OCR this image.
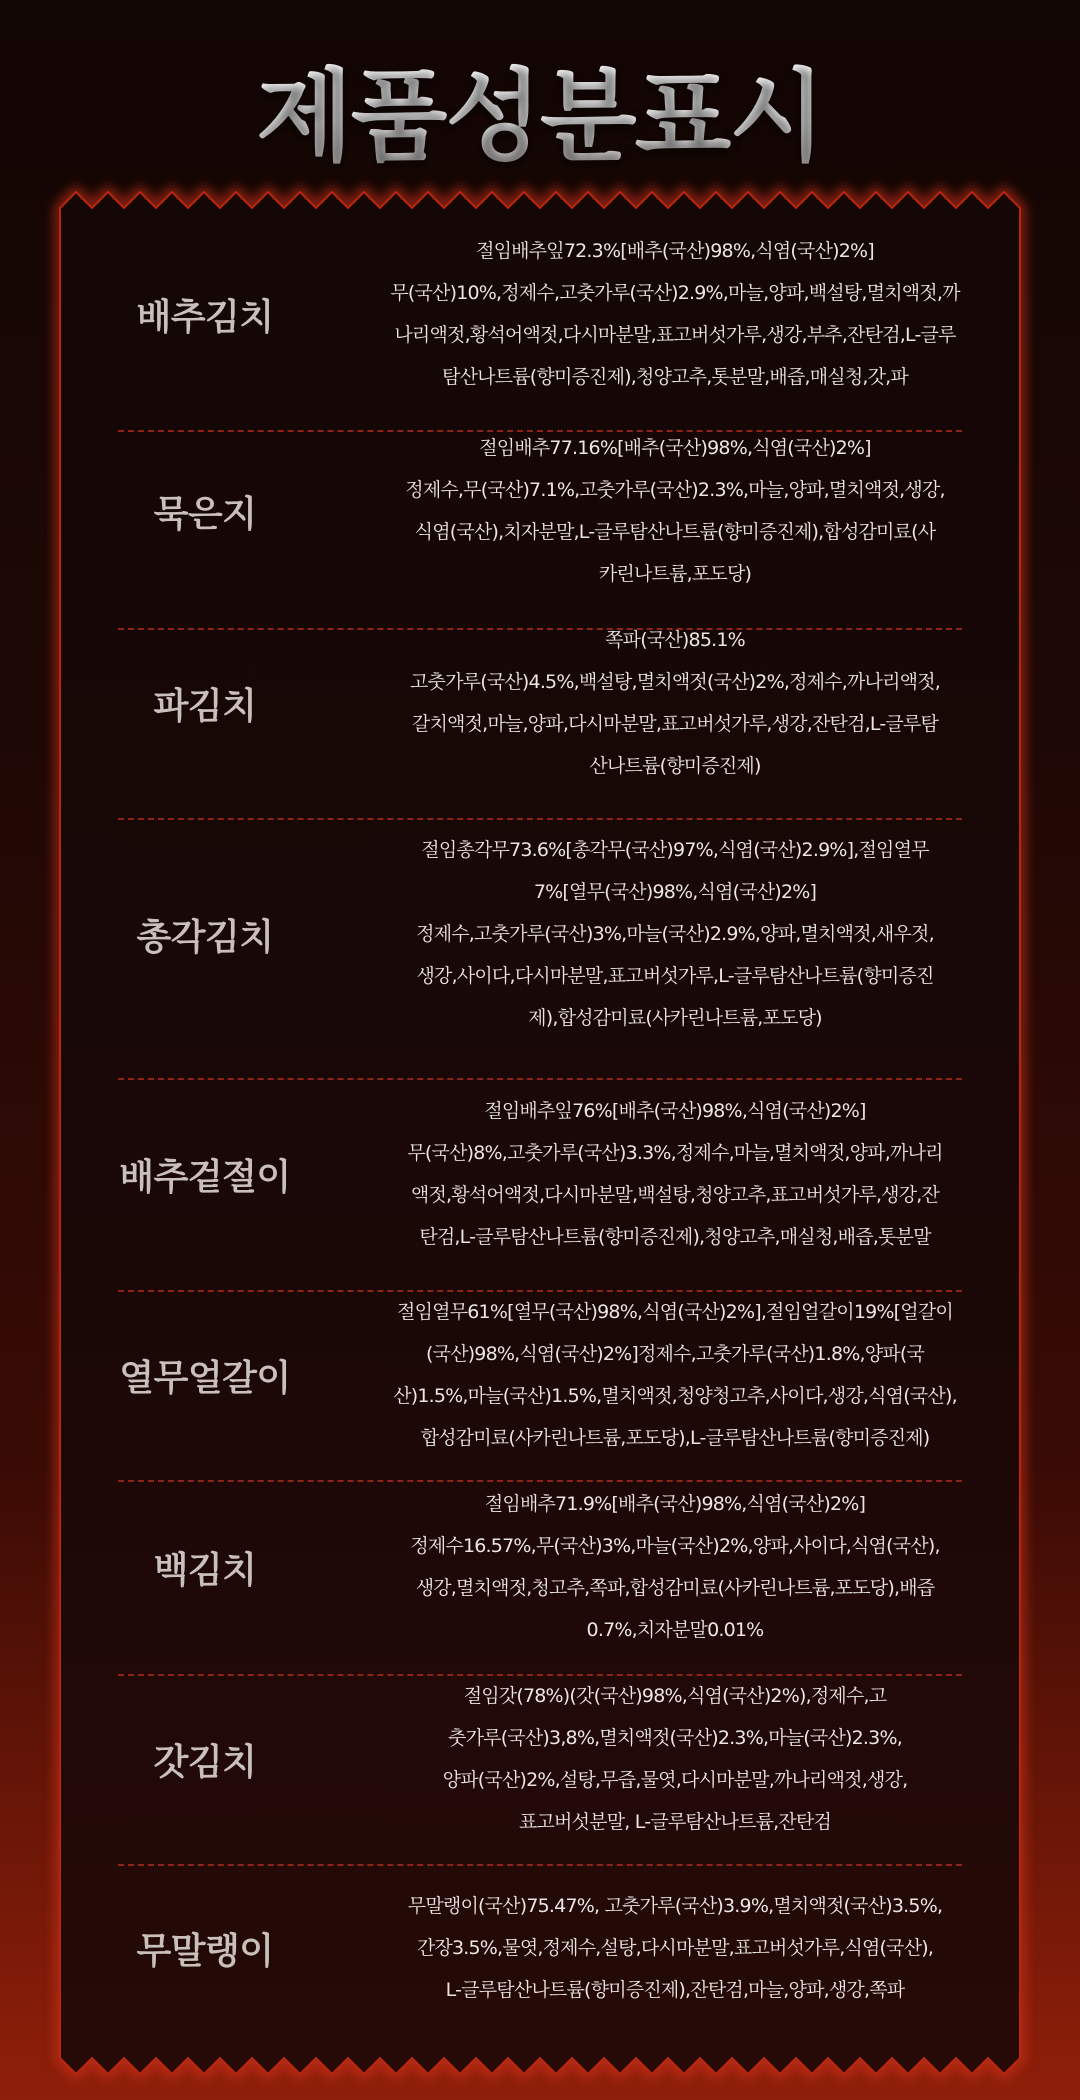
제품성분표시
배추김치
절임배추잎72.3%[배추(국산)98%,식염(국산)2%]
무(국산)10%,정제수,고춧가루(국산)2.9%,마늘,양파,백설탕,멸치액젓,까
나리액젓,황석어액젓,다시마분말,표고버섯가루,생강,부추,잔탄검,L-글루
탐산나트륨(향미증진제),청양고추,톳분말,배즙,매실청,갓,파
묵은지
절임배추77.16%[배추(국산)98%,식염(국산)2%]
정제수,무(국산)7.1%,고춧가루(국산)2.3%,마늘,양파,멸치액젓,생강,
식염(국산),치자분말,L-글루탐산나트륨(향미증진제),합성감미료(사
카린나트륨,포도당)
파김치
쪽파(국산)85.1%
고춧가루(국산)4.5%,백설탕,멸치액젓(국산)2%,정제수,까나리액젓,
갈치액젓,마늘,양파,다시마분말,표고버섯가루,생강,잔탄검,L-글루탐
산나트륨(향미증진제)
총각김치
절임총각무73.6%[총각무(국산)97%,식염(국산)2.9%],절임열무
7%[열무(국산)98%,식염(국산)2%]
정제수,고춧가루(국산)3%,마늘(국산)2.9%,양파,멸치액젓,새우젓,
생강,사이다,다시마분말,표고버섯가루,L-글루탐산나트륨(향미증진
제),합성감미료(사카린나트륨,포도당)
배추겉절이
절임배추잎76%[배추(국산)98%,식염(국산)2%]
무(국산)8%,고춧가루(국산)3.3%,정제수,마늘,멸치액젓,양파,까나리
액젓,황석어액젓,다시마분말,백설탕,청양고추,표고버섯가루,생강,잔
탄검,L-글루탐산나트륨(향미증진제),청양고추,매실청,배즙,톳분말
열무얼갈이
절임열무61%[열무(국산)98%,식염(국산)2%],절임얼갈이19%[얼갈이
(국산)98%,식염(국산)2%]정제수,고춧가루(국산)1.8%,양파(국
산)1.5%,마늘(국산)1.5%,멸치액젓,청양청고추,사이다,생강,식염(국산),
합성감미료(사카린나트륨,포도당),L-글루탐산나트륨(향미증진제)
백김치
절임배추71.9%[배추(국산)98%,식염(국산)2%]
정제수16.57%,무(국산)3%,마늘(국산)2%,양파,사이다,식염(국산),
생강,멸치액젓,청고추,쪽파,합성감미료(사카린나트륨,포도당),배즙
0.7%,치자분말0.01%
갓김치
절임갓(78%)(갓(국산)98%,식염(국산)2%),정제수,고
춧가루(국산)3,8%,멸치액젓(국산)2.3%,마늘(국산)2.3%,
양파(국산)2%,설탕,무즙,물엿,다시마분말,까나리액젓,생강,
표고버섯분말, L-글루탐산나트륨,잔탄검
무말랭이
무말랭이(국산)75.47%, 고춧가루(국산)3.9%,멸치액젓(국산)3.5%,
간장3.5%,물엿,정제수,설탕,다시마분말,표고버섯가루,식염(국산),
L-글루탐산나트륨(향미증진제),잔탄검,마늘,양파,생강,쪽파
